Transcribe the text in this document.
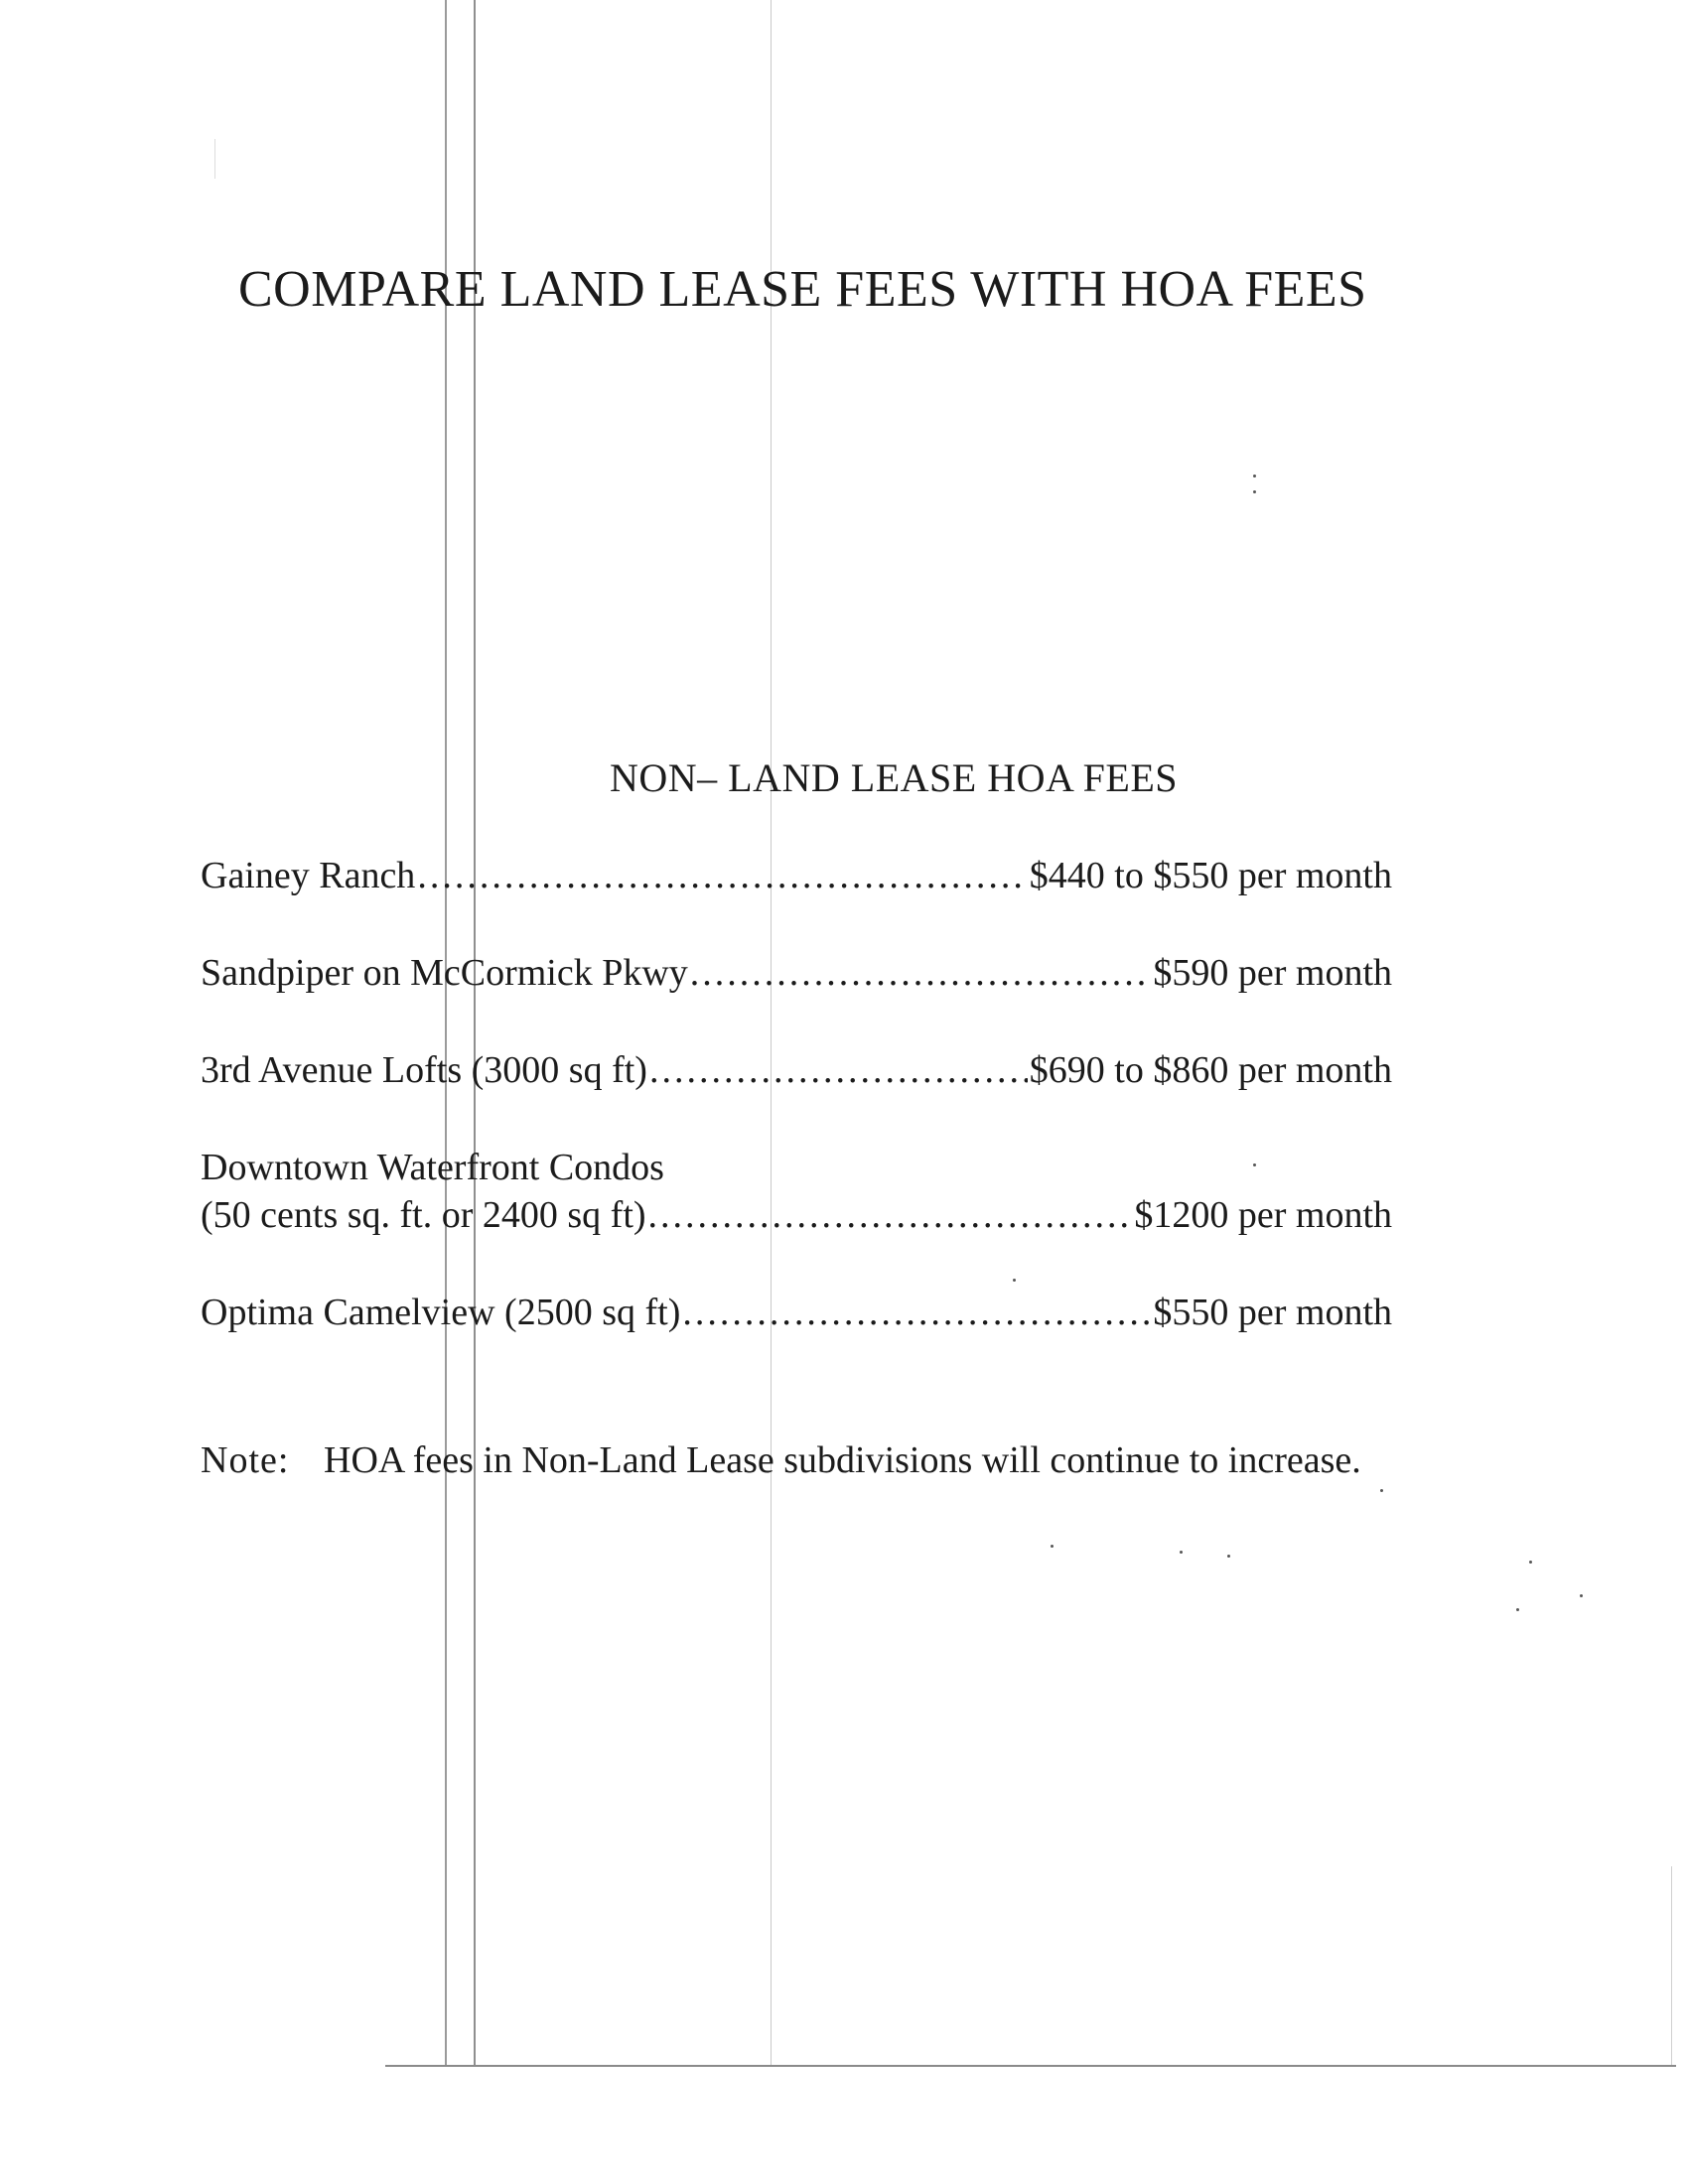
COMPARE LAND LEASE FEES WITH HOA FEES
NON– LAND LEASE HOA FEES
Gainey Ranch .....	$440 to $550 per month
Sandpiper on McCormick Pkwy .....	$590 per month
3rd Avenue Lofts (3000 sq ft) .....	$690 to $860 per month
Downtown Waterfront Condos
(50 cents sq. ft. or 2400 sq ft) .....	$1200 per month
Optima Camelview (2500 sq ft) .....	$550 per month
Note: HOA fees in Non-Land Lease subdivisions will continue to increase.
